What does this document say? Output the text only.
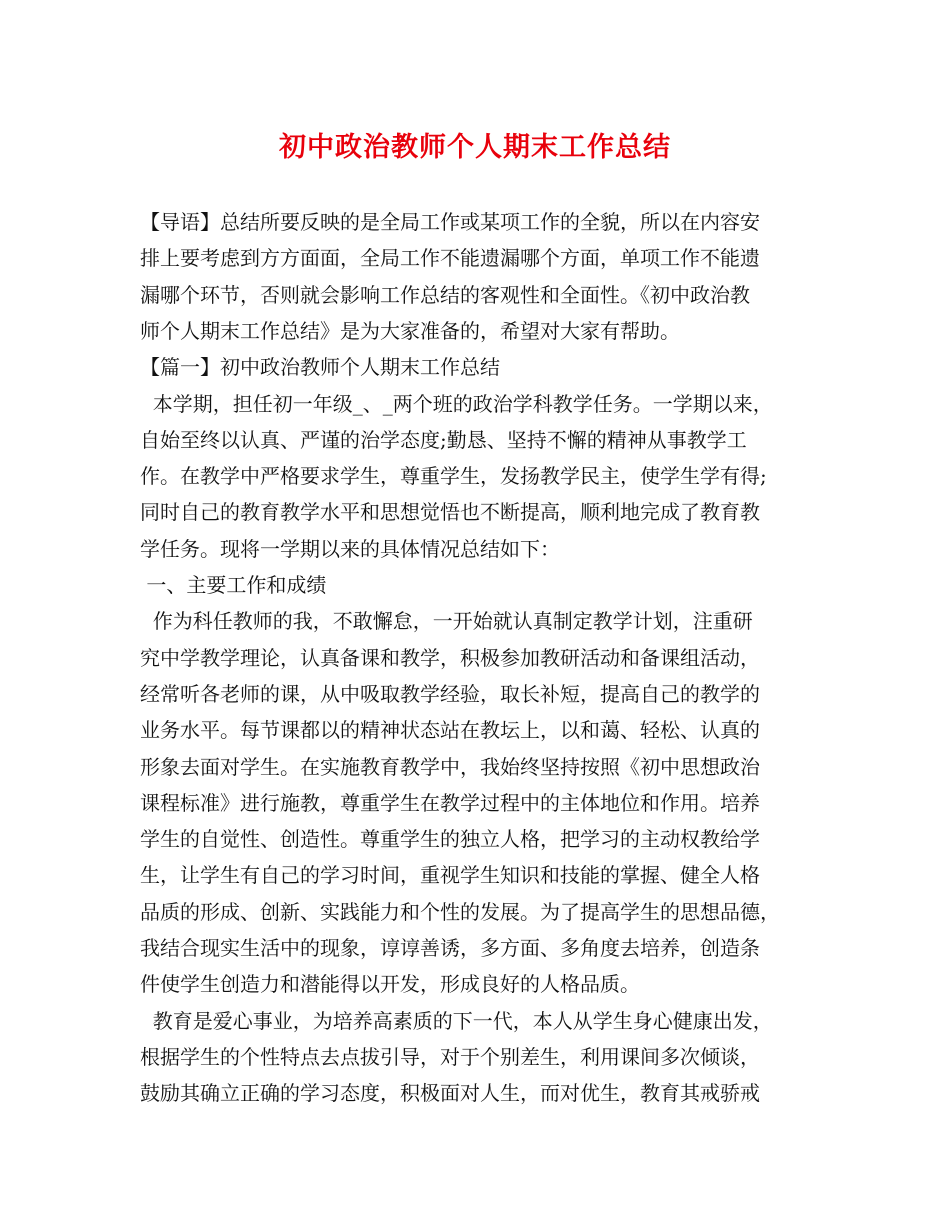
初中政治教师个人期末工作总结
【导语】总结所要反映的是全局工作或某项工作的全貌，所以在内容安
排上要考虑到方方面面，全局工作不能遗漏哪个方面，单项工作不能遗
漏哪个环节，否则就会影响工作总结的客观性和全面性。《初中政治教
师个人期末工作总结》是为大家准备的，希望对大家有帮助。
【篇一】初中政治教师个人期末工作总结
本学期，担任初一年级_、_两个班的政治学科教学任务。一学期以来，
自始至终以认真、严谨的治学态度;勤恳、坚持不懈的精神从事教学工
作。在教学中严格要求学生，尊重学生，发扬教学民主，使学生学有得;
同时自己的教育教学水平和思想觉悟也不断提高，顺利地完成了教育教
学任务。现将一学期以来的具体情况总结如下：
一、主要工作和成绩
作为科任教师的我，不敢懈怠，一开始就认真制定教学计划，注重研
究中学教学理论，认真备课和教学，积极参加教研活动和备课组活动，
经常听各老师的课，从中吸取教学经验，取长补短，提高自己的教学的
业务水平。每节课都以的精神状态站在教坛上，以和蔼、轻松、认真的
形象去面对学生。在实施教育教学中，我始终坚持按照《初中思想政治
课程标准》进行施教，尊重学生在教学过程中的主体地位和作用。培养
学生的自觉性、创造性。尊重学生的独立人格，把学习的主动权教给学
生，让学生有自己的学习时间，重视学生知识和技能的掌握、健全人格
品质的形成、创新、实践能力和个性的发展。为了提高学生的思想品德，
我结合现实生活中的现象，谆谆善诱，多方面、多角度去培养，创造条
件使学生创造力和潜能得以开发，形成良好的人格品质。
教育是爱心事业，为培养高素质的下一代，本人从学生身心健康出发，
根据学生的个性特点去点拔引导，对于个别差生，利用课间多次倾谈，
鼓励其确立正确的学习态度，积极面对人生，而对优生，教育其戒骄戒
